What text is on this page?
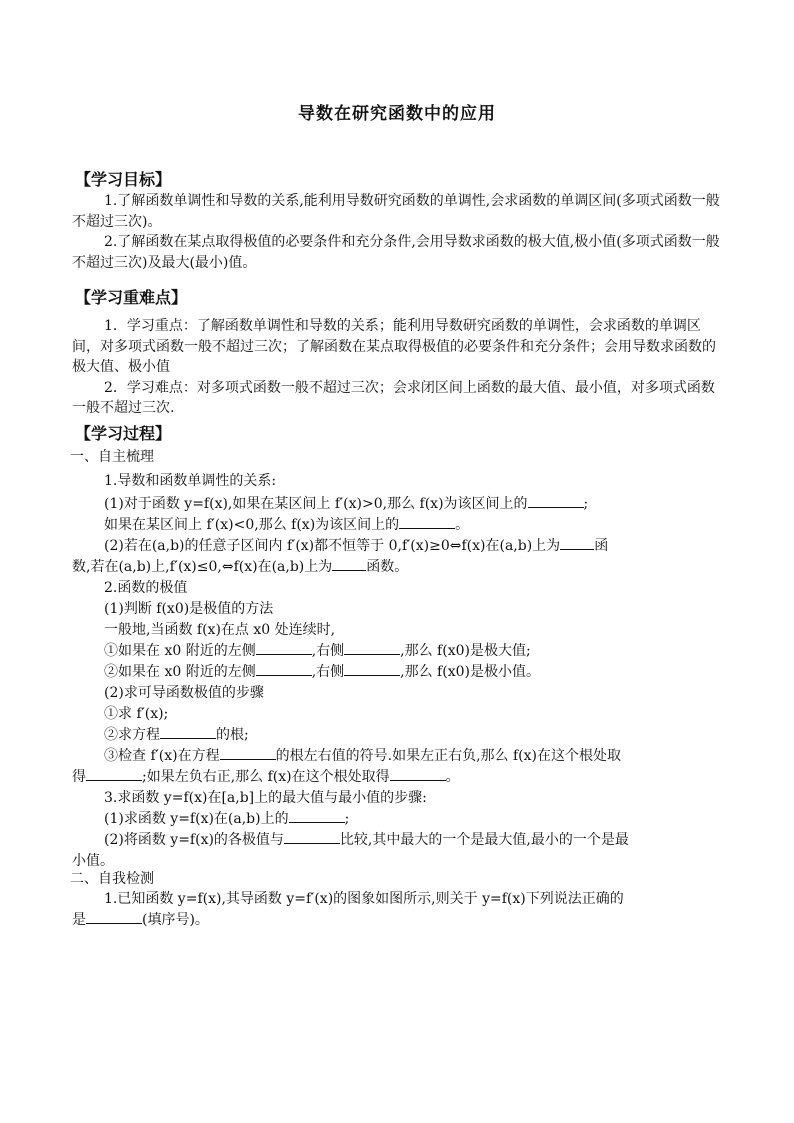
导数在研究函数中的应用
【学习目标】

1.了解函数单调性和导数的关系,能利用导数研究函数的单调性,会求函数的单调区间(多项式函数一般不超过三次)。

2.了解函数在某点取得极值的必要条件和充分条件,会用导数求函数的极大值,极小值(多项式函数一般不超过三次)及最大(最小)值。

【学习重难点】

1．学习重点：了解函数单调性和导数的关系；能利用导数研究函数的单调性，会求函数的单调区间，对多项式函数一般不超过三次；了解函数在某点取得极值的必要条件和充分条件；会用导数求函数的极大值、极小值

2．学习难点：对多项式函数一般不超过三次；会求闭区间上函数的最大值、最小值，对多项式函数一般不超过三次.

【学习过程】
一、自主梳理
1.导数和函数单调性的关系:
(1)对于函数 y=f(x),如果在某区间上 f′(x)>0,那么 f(x)为该区间上的	;
如果在某区间上 f′(x)<0,那么 f(x)为该区间上的	。
(2)若在(a,b)的任意子区间内 f′(x)都不恒等于 0,f′(x)≥0⇔f(x)在(a,b)上为 函
数,若在(a,b)上,f′(x)≤0,⇔f(x)在(a,b)上为 函数。
2.函数的极值
(1)判断 f(x0)是极值的方法
一般地,当函数 f(x)在点 x0 处连续时,
①如果在 x0 附近的左侧	,右侧	,那么 f(x0)是极大值;
②如果在 x0 附近的左侧	,右侧	,那么 f(x0)是极小值。
(2)求可导函数极值的步骤
①求 f′(x);
②求方程	的根;
③检查 f′(x)在方程	的根左右值的符号.如果左正右负,那么 f(x)在这个根处取
得	;如果左负右正,那么 f(x)在这个根处取得	。
3.求函数 y=f(x)在[a,b]上的最大值与最小值的步骤:
(1)求函数 y=f(x)在(a,b)上的	;
(2)将函数 y=f(x)的各极值与	比较,其中最大的一个是最大值,最小的一个是最
小值。
二、自我检测
1.已知函数 y=f(x),其导函数 y=f′(x)的图象如图所示,则关于 y=f(x)下列说法正确的
是	(填序号)。
